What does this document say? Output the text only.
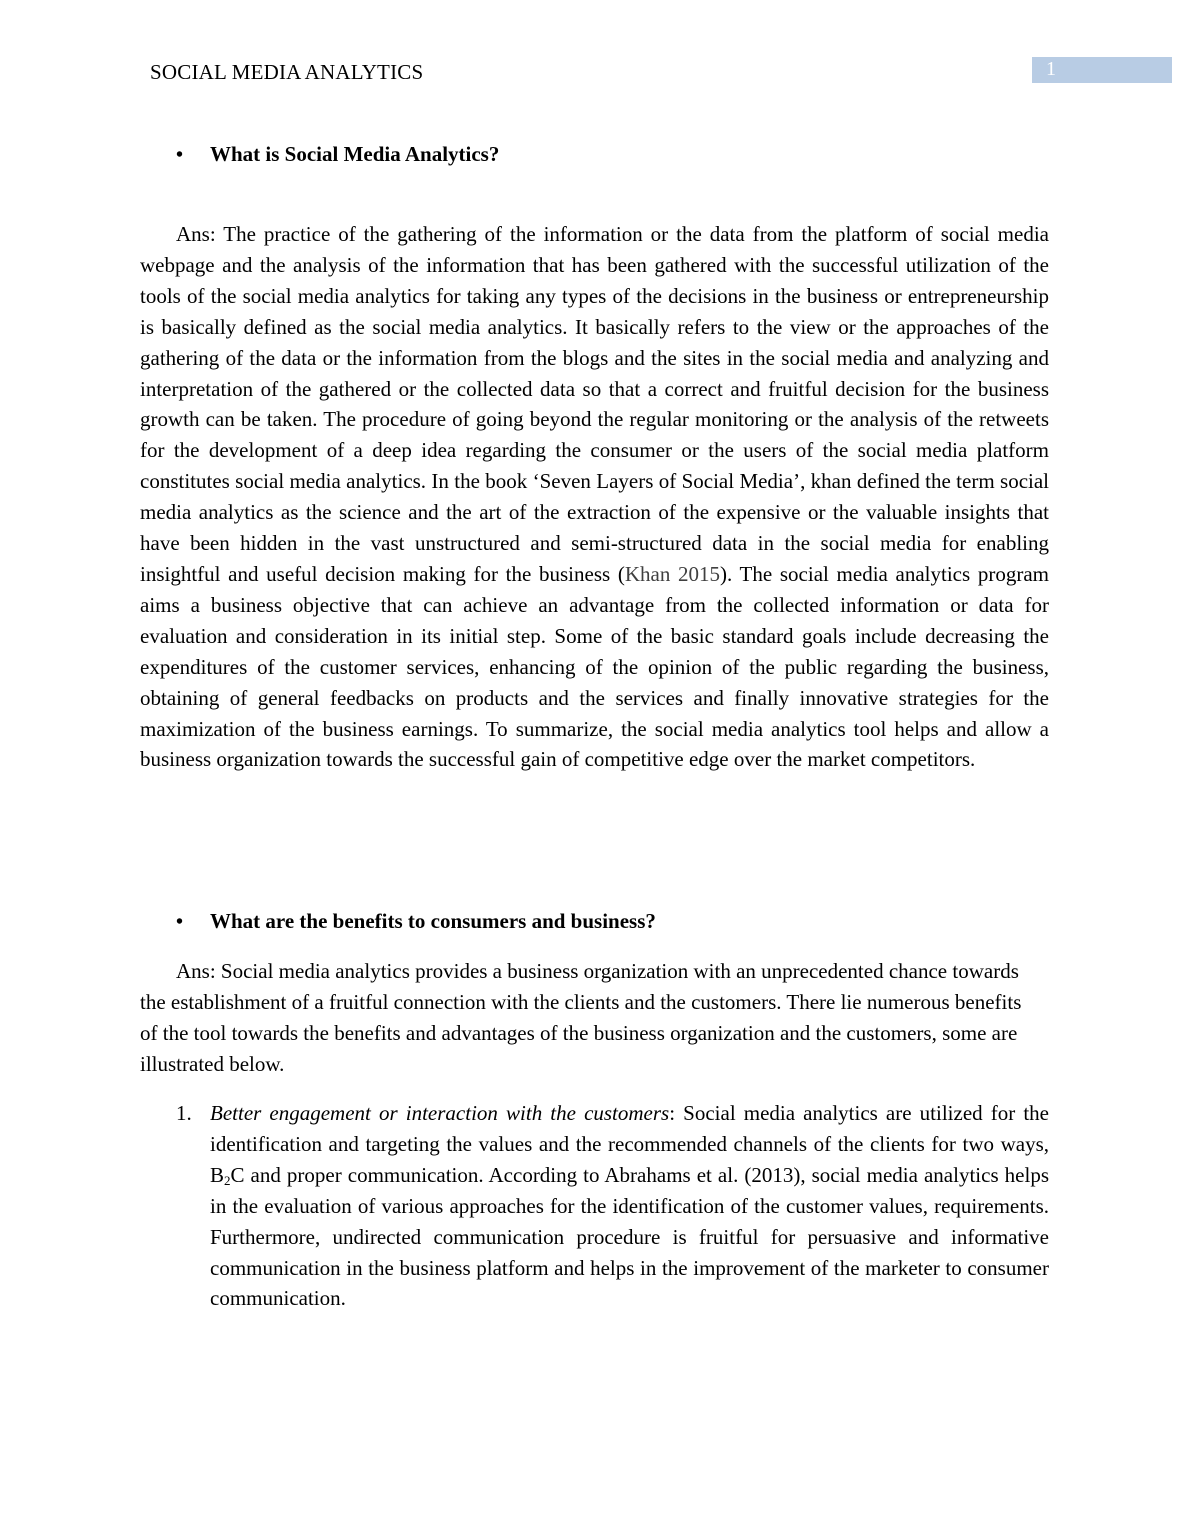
SOCIAL MEDIA ANALYTICS	1
• What is Social Media Analytics?
Ans: The practice of the gathering of the information or the data from the platform of social media webpage and the analysis of the information that has been gathered with the successful utilization of the tools of the social media analytics for taking any types of the decisions in the business or entrepreneurship is basically defined as the social media analytics. It basically refers to the view or the approaches of the gathering of the data or the information from the blogs and the sites in the social media and analyzing and interpretation of the gathered or the collected data so that a correct and fruitful decision for the business growth can be taken. The procedure of going beyond the regular monitoring or the analysis of the retweets for the development of a deep idea regarding the consumer or the users of the social media platform constitutes social media analytics. In the book ‘Seven Layers of Social Media’, khan defined the term social media analytics as the science and the art of the extraction of the expensive or the valuable insights that have been hidden in the vast unstructured and semi-structured data in the social media for enabling insightful and useful decision making for the business (Khan 2015). The social media analytics program aims a business objective that can achieve an advantage from the collected information or data for evaluation and consideration in its initial step. Some of the basic standard goals include decreasing the expenditures of the customer services, enhancing of the opinion of the public regarding the business, obtaining of general feedbacks on products and the services and finally innovative strategies for the maximization of the business earnings. To summarize, the social media analytics tool helps and allow a business organization towards the successful gain of competitive edge over the market competitors.
• What are the benefits to consumers and business?
Ans: Social media analytics provides a business organization with an unprecedented chance towards the establishment of a fruitful connection with the clients and the customers. There lie numerous benefits of the tool towards the benefits and advantages of the business organization and the customers, some are illustrated below.
1. Better engagement or interaction with the customers: Social media analytics are utilized for the identification and targeting the values and the recommended channels of the clients for two ways, $B_2C$ and proper communication. According to Abrahams et al. (2013), social media analytics helps in the evaluation of various approaches for the identification of the customer values, requirements. Furthermore, undirected communication procedure is fruitful for persuasive and informative communication in the business platform and helps in the improvement of the marketer to consumer communication.
